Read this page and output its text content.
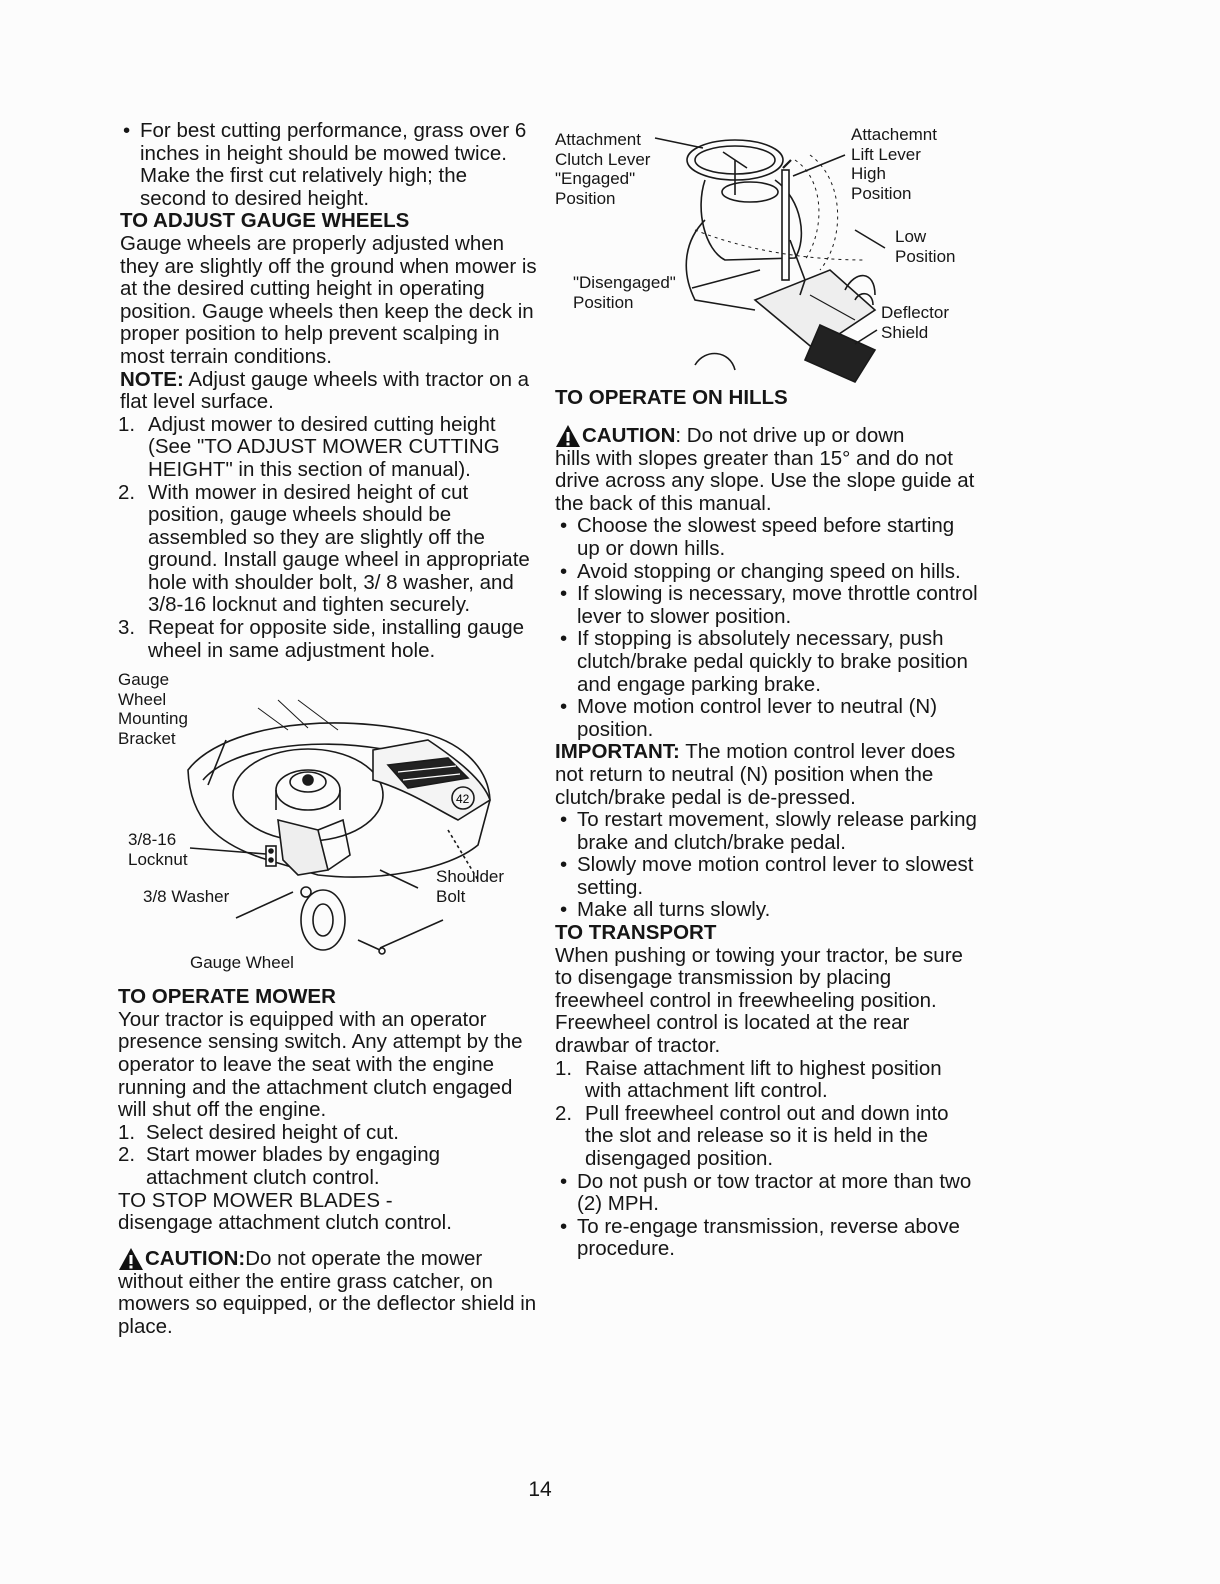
• For best cutting performance, grass over 6 inches in height should be mowed twice. Make the first cut relatively high; the second to desired height.

TO ADJUST GAUGE WHEELS

Gauge wheels are properly adjusted when they are slightly off the ground when mower is at the desired cutting height in operating position. Gauge wheels then keep the deck in proper position to help prevent scalping in most terrain conditions.

NOTE: Adjust gauge wheels with tractor on a flat level surface.

1. Adjust mower to desired cutting height (See "TO ADJUST MOWER CUTTING HEIGHT" in this section of manual).

2. With mower in desired height of cut position, gauge wheels should be assembled so they are slightly off the ground. Install gauge wheel in appropriate hole with shoulder bolt, 3/ 8 washer, and 3/8-16 locknut and tighten securely.

3. Repeat for opposite side, installing gauge wheel in same adjustment hole.

42
Gauge
Wheel
Mounting
Bracket
3/8-16
Locknut
3/8 Washer
Shoulder
Bolt
Gauge Wheel

TO OPERATE MOWER

Your tractor is equipped with an operator presence sensing switch. Any attempt by the operator to leave the seat with the engine running and the attachment clutch engaged will shut off the engine.

1. Select desired height of cut.

2. Start mower blades by engaging attachment clutch control.

TO STOP MOWER BLADES -

disengage attachment clutch control.

CAUTION: Do not operate the mower

without either the entire grass catcher, on mowers so equipped, or the deflector shield in place.

Attachment
Clutch Lever
"Engaged"
Position
Attachemnt
Lift Lever
High
Position
Low
Position
"Disengaged"
Position
Deflector
Shield

TO OPERATE ON HILLS

CAUTION : Do not drive up or down

hills with slopes greater than 15° and do not drive across any slope. Use the slope guide at the back of this manual.

• Choose the slowest speed before starting up or down hills.

• Avoid stopping or changing speed on hills.

• If slowing is necessary, move throttle control lever to slower position.

• If stopping is absolutely necessary, push clutch/brake pedal quickly to brake position and engage parking brake.

• Move motion control lever to neutral (N) position.

IMPORTANT: The motion control lever does not return to neutral (N) position when the clutch/brake pedal is de-pressed.

• To restart movement, slowly release parking brake and clutch/brake pedal.

• Slowly move motion control lever to slowest setting.

• Make all turns slowly.

TO TRANSPORT

When pushing or towing your tractor, be sure to disengage transmission by placing freewheel control in freewheeling position. Freewheel control is located at the rear drawbar of tractor.

1. Raise attachment lift to highest position with attachment lift control.

2. Pull freewheel control out and down into the slot and release so it is held in the disengaged position.

• Do not push or tow tractor at more than two (2) MPH.

• To re-engage transmission, reverse above procedure.

14
